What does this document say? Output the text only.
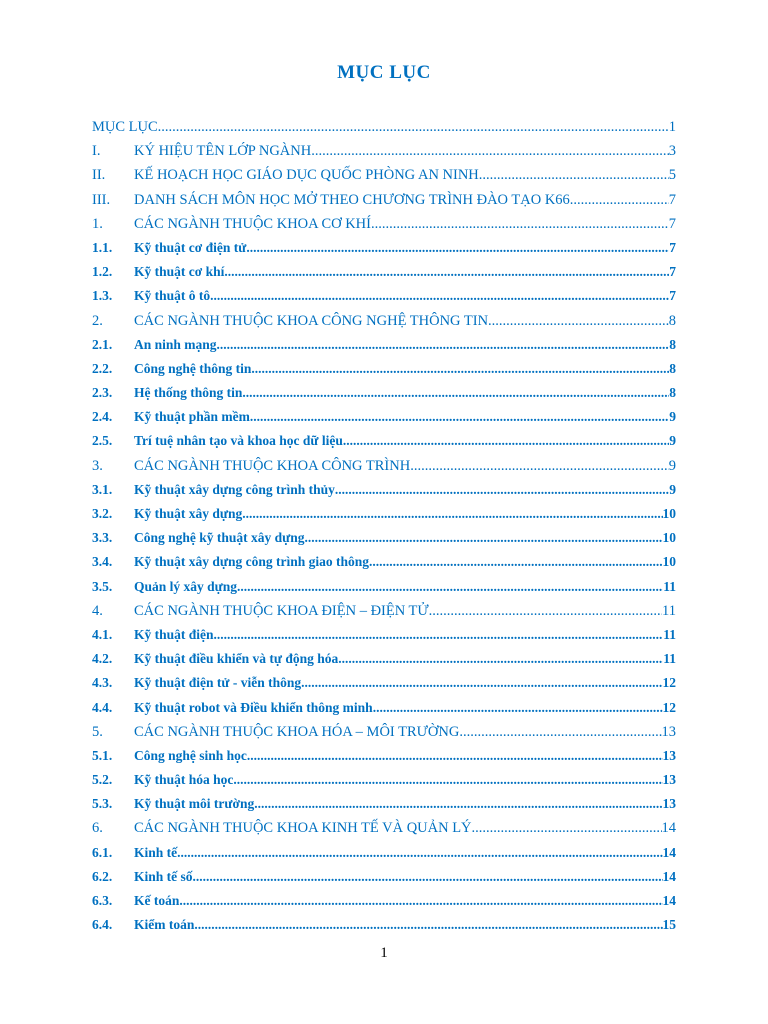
MỤC LỤC
MỤC LỤC .....	1
I.	KÝ HIỆU TÊN LỚP NGÀNH .....	3
II.	KẾ HOẠCH HỌC GIÁO DỤC QUỐC PHÒNG AN NINH .....	5
III.	DANH SÁCH MÔN HỌC MỞ THEO CHƯƠNG TRÌNH ĐÀO TẠO K66 .....	7
1.	CÁC NGÀNH THUỘC KHOA CƠ KHÍ .....	7
1.1.	Kỹ thuật cơ điện tử .....	7
1.2.	Kỹ thuật cơ khí .....	7
1.3.	Kỹ thuật ô tô .....	7
2.	CÁC NGÀNH THUỘC KHOA CÔNG NGHỆ THÔNG TIN .....	8
2.1.	An ninh mạng .....	8
2.2.	Công nghệ thông tin .....	8
2.3.	Hệ thống thông tin .....	8
2.4.	Kỹ thuật phần mềm .....	9
2.5.	Trí tuệ nhân tạo và khoa học dữ liệu .....	9
3.	CÁC NGÀNH THUỘC KHOA CÔNG TRÌNH .....	9
3.1.	Kỹ thuật xây dựng công trình thủy .....	9
3.2.	Kỹ thuật xây dựng .....	10
3.3.	Công nghệ kỹ thuật xây dựng .....	10
3.4.	Kỹ thuật xây dựng công trình giao thông .....	10
3.5.	Quản lý xây dựng .....	11
4.	CÁC NGÀNH THUỘC KHOA ĐIỆN – ĐIỆN TỬ .....	11
4.1.	Kỹ thuật điện .....	11
4.2.	Kỹ thuật điều khiển và tự động hóa .....	11
4.3.	Kỹ thuật điện tử - viễn thông .....	12
4.4.	Kỹ thuật robot và Điều khiển thông minh .....	12
5.	CÁC NGÀNH THUỘC KHOA HÓA – MÔI TRƯỜNG .....	13
5.1.	Công nghệ sinh học .....	13
5.2.	Kỹ thuật hóa học .....	13
5.3.	Kỹ thuật môi trường .....	13
6.	CÁC NGÀNH THUỘC KHOA KINH TẾ VÀ QUẢN LÝ .....	14
6.1.	Kinh tế .....	14
6.2.	Kinh tế số .....	14
6.3.	Kế toán .....	14
6.4.	Kiểm toán .....	15
1
